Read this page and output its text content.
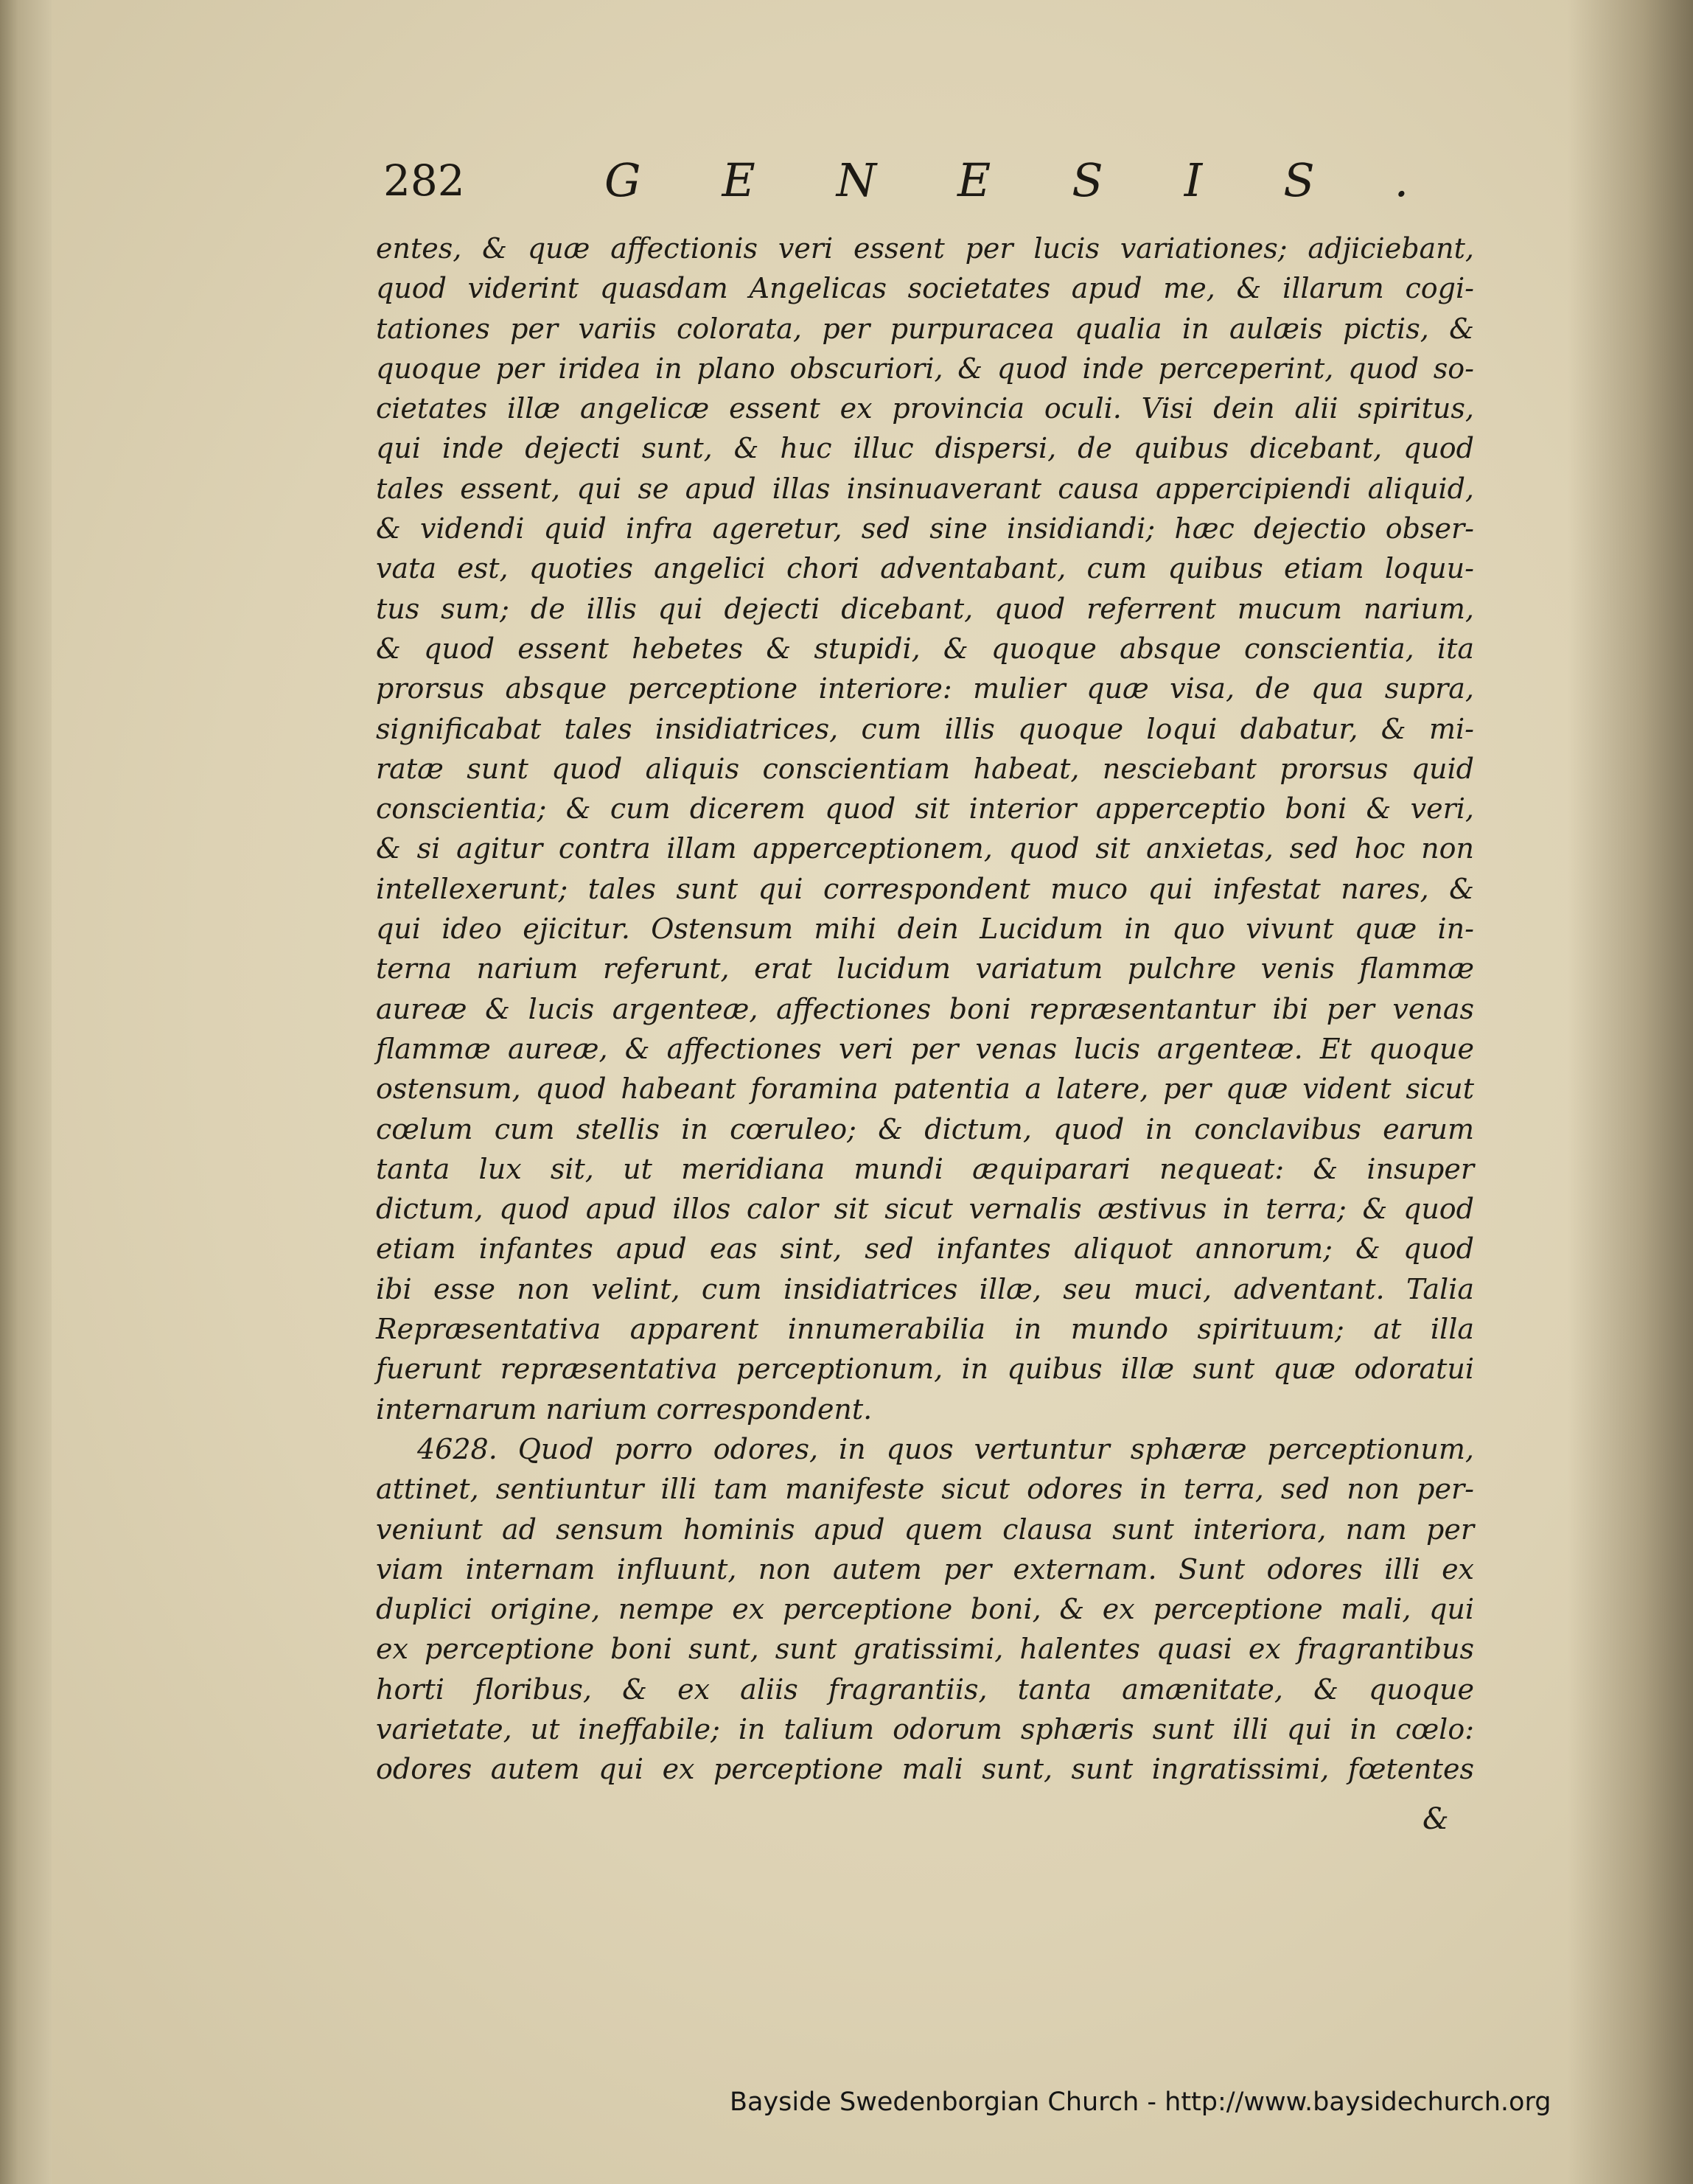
282	GENESIS.
entes, & quæ affectionis veri essent per lucis variationes; adjiciebant,
quod viderint quasdam Angelicas societates apud me, & illarum cogi-
tationes per variis colorata, per purpuracea qualia in aulæis pictis, &
quoque per iridea in plano obscuriori, & quod inde perceperint, quod so-
cietates illæ angelicæ essent ex provincia oculi. Visi dein alii spiritus,
qui inde dejecti sunt, & huc illuc dispersi, de quibus dicebant, quod
tales essent, qui se apud illas insinuaverant causa appercipiendi aliquid,
& videndi quid infra ageretur, sed sine insidiandi; hæc dejectio obser-
vata est, quoties angelici chori adventabant, cum quibus etiam loquu-
tus sum; de illis qui dejecti dicebant, quod referrent mucum narium,
& quod essent hebetes & stupidi, & quoque absque conscientia, ita
prorsus absque perceptione interiore: mulier quæ visa, de qua supra,
significabat tales insidiatrices, cum illis quoque loqui dabatur, & mi-
ratæ sunt quod aliquis conscientiam habeat, nesciebant prorsus quid
conscientia; & cum dicerem quod sit interior apperceptio boni & veri,
& si agitur contra illam apperceptionem, quod sit anxietas, sed hoc non
intellexerunt; tales sunt qui correspondent muco qui infestat nares, &
qui ideo ejicitur. Ostensum mihi dein Lucidum in quo vivunt quæ in-
terna narium referunt, erat lucidum variatum pulchre venis flammæ
aureæ & lucis argenteæ, affectiones boni repræsentantur ibi per venas
flammæ aureæ, & affectiones veri per venas lucis argenteæ. Et quoque
ostensum, quod habeant foramina patentia a latere, per quæ vident sicut
cœlum cum stellis in cœruleo; & dictum, quod in conclavibus earum
tanta lux sit, ut meridiana mundi æquiparari nequeat: & insuper
dictum, quod apud illos calor sit sicut vernalis æstivus in terra; & quod
etiam infantes apud eas sint, sed infantes aliquot annorum; & quod
ibi esse non velint, cum insidiatrices illæ, seu muci, adventant. Talia
Repræsentativa apparent innumerabilia in mundo spirituum; at illa
fuerunt repræsentativa perceptionum, in quibus illæ sunt quæ odoratui
internarum narium correspondent.
4628. Quod porro odores, in quos vertuntur sphæræ perceptionum,
attinet, sentiuntur illi tam manifeste sicut odores in terra, sed non per-
veniunt ad sensum hominis apud quem clausa sunt interiora, nam per
viam internam influunt, non autem per externam. Sunt odores illi ex
duplici origine, nempe ex perceptione boni, & ex perceptione mali, qui
ex perceptione boni sunt, sunt gratissimi, halentes quasi ex fragrantibus
horti floribus, & ex aliis fragrantiis, tanta amænitate, & quoque
varietate, ut ineffabile; in talium odorum sphæris sunt illi qui in cœlo:
odores autem qui ex perceptione mali sunt, sunt ingratissimi, fœtentes
&
Bayside Swedenborgian Church - http://www.baysidechurch.org
